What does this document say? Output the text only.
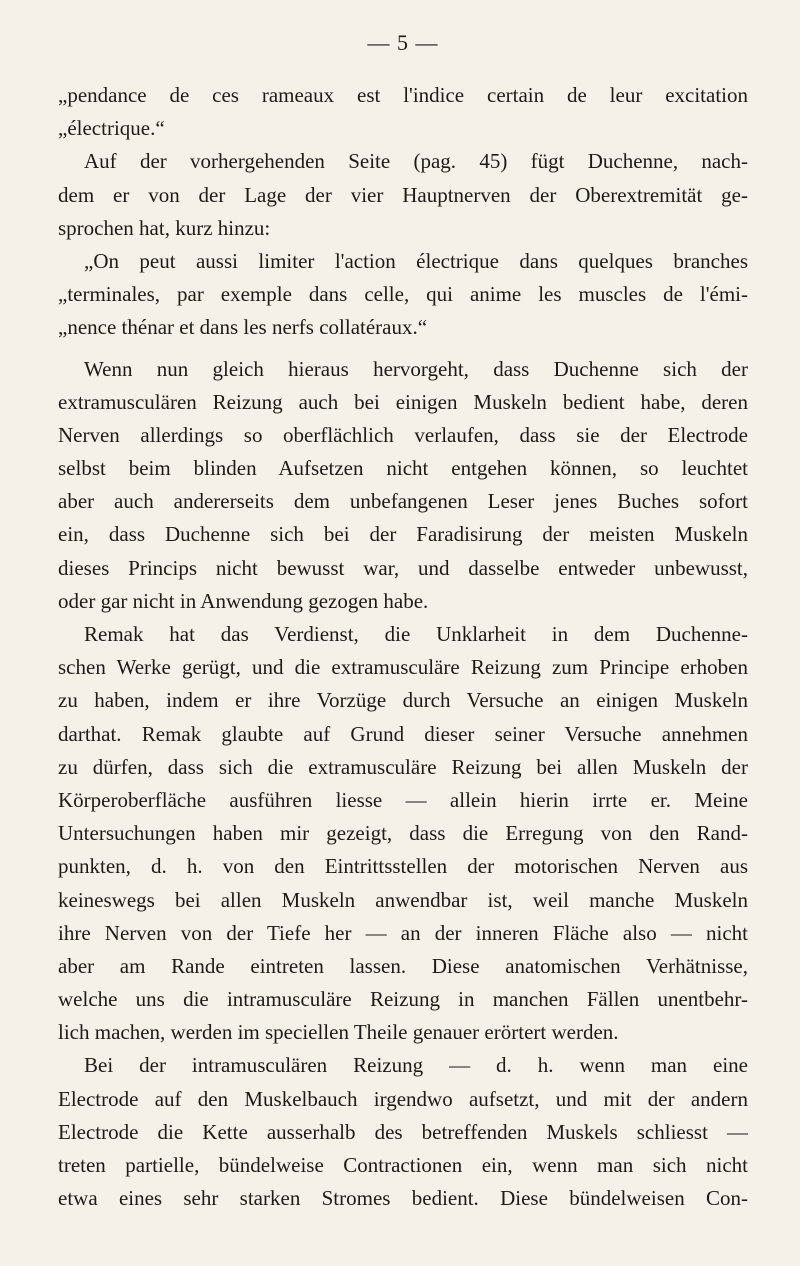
— 5 —
„pendance de ces rameaux est l'indice certain de leur excitation
„électrique.“
Auf der vorhergehenden Seite (pag. 45) fügt Duchenne, nach-
dem er von der Lage der vier Hauptnerven der Oberextremität ge-
sprochen hat, kurz hinzu:
„On peut aussi limiter l'action électrique dans quelques branches
„terminales, par exemple dans celle, qui anime les muscles de l'émi-
„nence thénar et dans les nerfs collatéraux.“
Wenn nun gleich hieraus hervorgeht, dass Duchenne sich der
extramusculären Reizung auch bei einigen Muskeln bedient habe, deren
Nerven allerdings so oberflächlich verlaufen, dass sie der Electrode
selbst beim blinden Aufsetzen nicht entgehen können, so leuchtet
aber auch andererseits dem unbefangenen Leser jenes Buches sofort
ein, dass Duchenne sich bei der Faradisirung der meisten Muskeln
dieses Princips nicht bewusst war, und dasselbe entweder unbewusst,
oder gar nicht in Anwendung gezogen habe.
Remak hat das Verdienst, die Unklarheit in dem Duchenne-
schen Werke gerügt, und die extramusculäre Reizung zum Principe erhoben
zu haben, indem er ihre Vorzüge durch Versuche an einigen Muskeln
darthat. Remak glaubte auf Grund dieser seiner Versuche annehmen
zu dürfen, dass sich die extramusculäre Reizung bei allen Muskeln der
Körperoberfläche ausführen liesse — allein hierin irrte er. Meine
Untersuchungen haben mir gezeigt, dass die Erregung von den Rand-
punkten, d. h. von den Eintrittsstellen der motorischen Nerven aus
keineswegs bei allen Muskeln anwendbar ist, weil manche Muskeln
ihre Nerven von der Tiefe her — an der inneren Fläche also — nicht
aber am Rande eintreten lassen. Diese anatomischen Verhätnisse,
welche uns die intramusculäre Reizung in manchen Fällen unentbehr-
lich machen, werden im speciellen Theile genauer erörtert werden.
Bei der intramusculären Reizung — d. h. wenn man eine
Electrode auf den Muskelbauch irgendwo aufsetzt, und mit der andern
Electrode die Kette ausserhalb des betreffenden Muskels schliesst —
treten partielle, bündelweise Contractionen ein, wenn man sich nicht
etwa eines sehr starken Stromes bedient. Diese bündelweisen Con-
